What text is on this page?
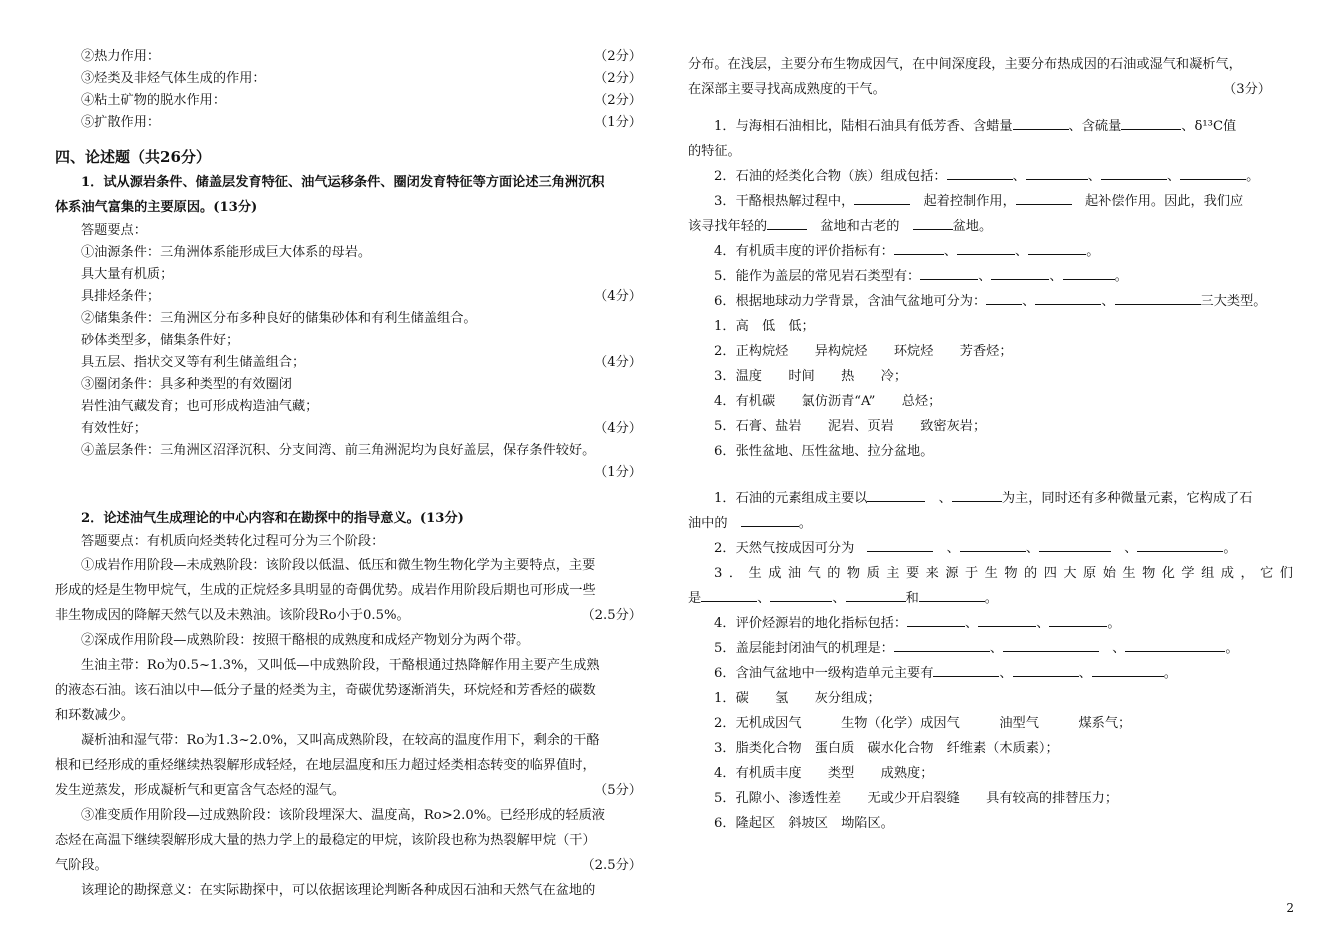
②热力作用：	（2分）
③烃类及非烃气体生成的作用：	（2分）
④粘土矿物的脱水作用：	（2分）
⑤扩散作用：	（1分）
四、论述题（共26分）
1．试从源岩条件、储盖层发育特征、油气运移条件、圈闭发育特征等方面论述三角洲沉积
体系油气富集的主要原因。(13分)
答题要点：
①油源条件：三角洲体系能形成巨大体系的母岩。
具大量有机质；
具排烃条件；	（4分）
②储集条件：三角洲区分布多种良好的储集砂体和有利生储盖组合。
砂体类型多，储集条件好；
具五层、指状交叉等有利生储盖组合；	（4分）
③圈闭条件：具多种类型的有效圈闭
岩性油气藏发育；也可形成构造油气藏；
有效性好；	（4分）
④盖层条件：三角洲区沼泽沉积、分支间湾、前三角洲泥均为良好盖层，保存条件较好。
（1分）
2．论述油气生成理论的中心内容和在勘探中的指导意义。(13分)
答题要点：有机质向烃类转化过程可分为三个阶段：
①成岩作用阶段—未成熟阶段：该阶段以低温、低压和微生物生物化学为主要特点，主要
形成的烃是生物甲烷气，生成的正烷烃多具明显的奇偶优势。成岩作用阶段后期也可形成一些
非生物成因的降解天然气以及未熟油。该阶段Ro小于0.5%。	（2.5分）
②深成作用阶段—成熟阶段：按照干酪根的成熟度和成烃产物划分为两个带。
生油主带：Ro为0.5~1.3%，又叫低—中成熟阶段，干酪根通过热降解作用主要产生成熟
的液态石油。该石油以中—低分子量的烃类为主，奇碳优势逐渐消失，环烷烃和芳香烃的碳数
和环数减少。
凝析油和湿气带：Ro为1.3~2.0%，又叫高成熟阶段，在较高的温度作用下，剩余的干酪
根和已经形成的重烃继续热裂解形成轻烃，在地层温度和压力超过烃类相态转变的临界值时，
发生逆蒸发，形成凝析气和更富含气态烃的湿气。	（5分）
③准变质作用阶段—过成熟阶段：该阶段埋深大、温度高，Ro>2.0%。已经形成的轻质液
态烃在高温下继续裂解形成大量的热力学上的最稳定的甲烷，该阶段也称为热裂解甲烷（干）
气阶段。	（2.5分）
该理论的勘探意义：在实际勘探中，可以依据该理论判断各种成因石油和天然气在盆地的
分布。在浅层，主要分布生物成因气，在中间深度段，主要分布热成因的石油或湿气和凝析气，
在深部主要寻找高成熟度的干气。	（3分）
1．与海相石油相比，陆相石油具有低芳香、含蜡量	、含硫量	、δ¹³C值
的特征。
2．石油的烃类化合物（族）组成包括：	、	、	、	。
3．干酪根热解过程中，　	起着控制作用，　	起补偿作用。因此，我们应
该寻找年轻的　	盆地和古老的　	盆地。
4．有机质丰度的评价指标有：	、	、	。
5．能作为盖层的常见岩石类型有：	、	、	。
6．根据地球动力学背景，含油气盆地可分为：	、	、	三大类型。
1．高　低　低；
2．正构烷烃　　异构烷烃　　环烷烃　　芳香烃；
3．温度　　时间　　热　　冷；
4．有机碳　　氯仿沥青“A”　　总烃；
5．石膏、盐岩　　泥岩、页岩　　致密灰岩；
6．张性盆地、压性盆地、拉分盆地。
1．石油的元素组成主要以	　、	为主，同时还有多种微量元素，它构成了石
油中的　	。
2．天然气按成因可分为　	　、	、	　、	。
3．生成油气的物质主要来源于生物的四大原始生物化学组成，它们
是	、	、	和	。
4．评价烃源岩的地化指标包括：	、	、	。
5．盖层能封闭油气的机理是：	、	　、	。
6．含油气盆地中一级构造单元主要有	、	、	。
1．碳　　氢　　灰分组成；
2．无机成因气　　　生物（化学）成因气　　　油型气　　　煤系气；
3．脂类化合物　蛋白质　碳水化合物　纤维素（木质素）；
4．有机质丰度　　类型　　成熟度；
5．孔隙小、渗透性差　　无或少开启裂缝　　具有较高的排替压力；
6．隆起区　斜坡区　坳陷区。
2
